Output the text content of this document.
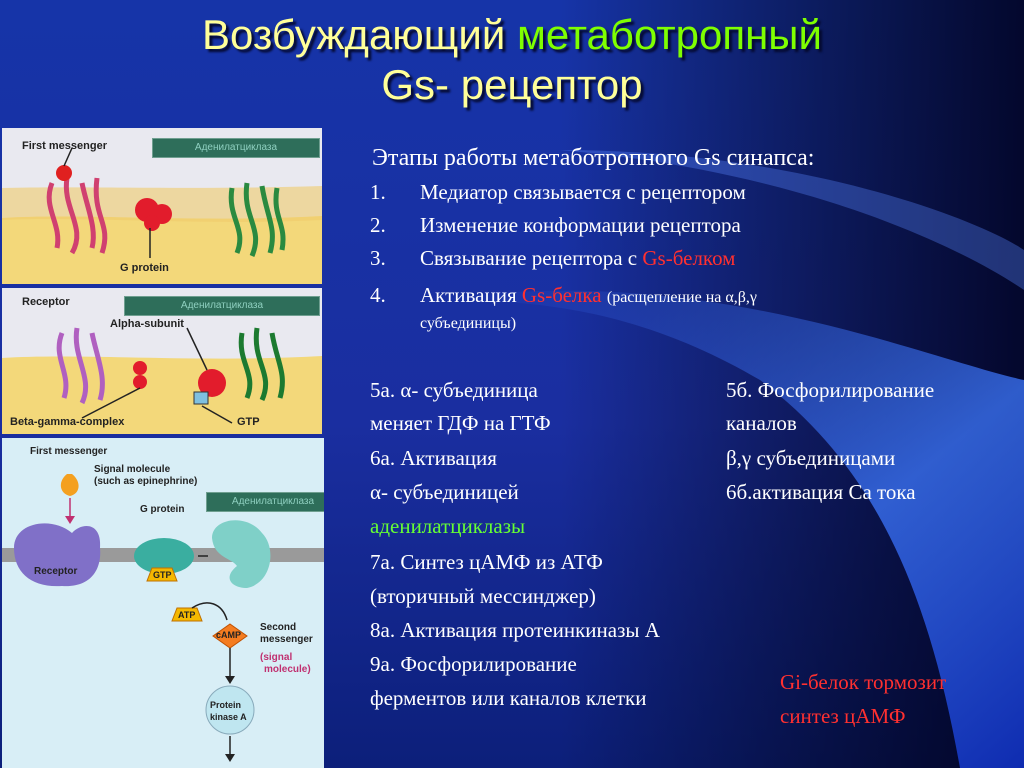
Возбуждающий метаботропный
Gs- рецептор
First messenger
G protein
Аденилатциклаза
Receptor
Alpha-subunit
Beta-gamma-complex	GTP
Аденилатциклаза
First messenger
Signal molecule
(such as epinephrine)
G protein
Receptor	GTP
ATP
cAMP
Second
messenger
(signal
molecule)
Protein
kinase A
Аденилатциклаза
Этапы работы метаботропного Gs синапса:
1. Медиатор связывается с рецептором
2. Изменение конформации рецептора
3. Связывание рецептора с Gs-белком
4. Активация Gs-белка (расщепление на α,β,γ
субъединицы)
5а. α- субъединица
меняет ГДФ на ГТФ
6а. Активация
α- субъединицей
аденилатциклазы
7а. Синтез цАМФ из АТФ
(вторичный мессинджер)
8а. Активация протеинкиназы А
9а. Фосфорилирование
ферментов или каналов клетки
5б. Фосфорилирование
каналов
β,γ субъединицами
6б.активация Са тока
Gi-белок тормозит
синтез цАМФ
